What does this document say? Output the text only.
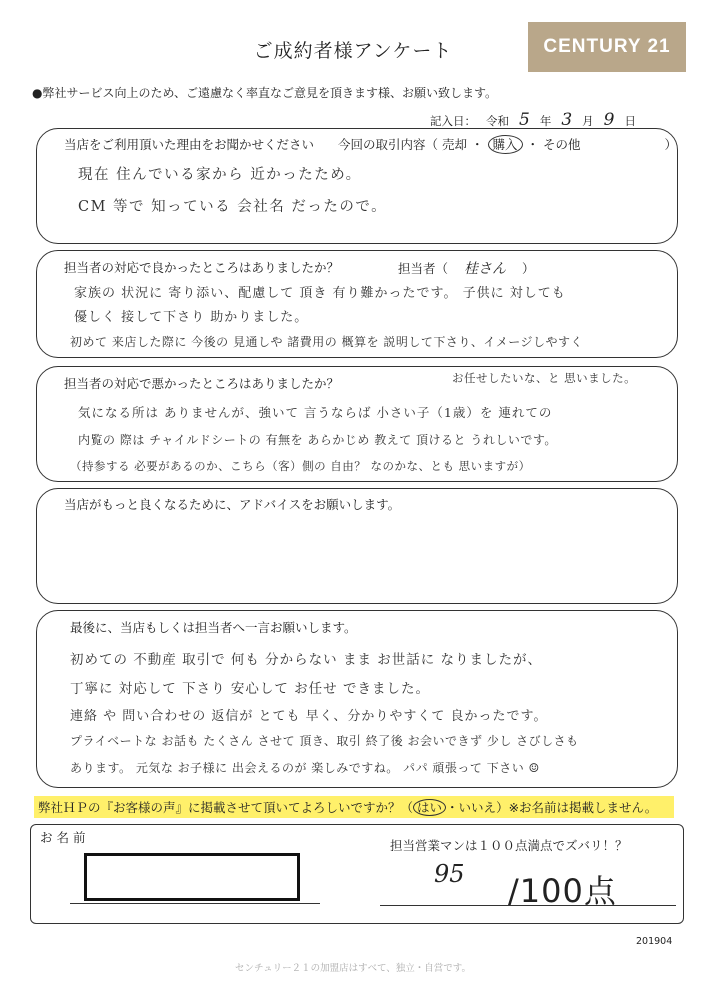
ご成約者様アンケート	CENTURY 21
●弊社サービス向上のため、ご遠慮なく率直なご意見を頂きます様、お願い致します。
記入日： 令和 5 年 3 月 9 日
当店をご利用頂いた理由をお聞かせください 今回の取引内容（ 売却 ・ 購入 ・ その他	）
現在 住んでいる家から 近かったため。
CM 等で 知っている 会社名 だったので。
担当者の対応で良かったところはありましたか？	担当者（ 桂さん ）
家族の 状況に 寄り添い、配慮して 頂き 有り難かったです。 子供に 対しても
優しく 接して下さり 助かりました。
初めて 来店した際に 今後の 見通しや 諸費用の 概算を 説明して下さり、イメージしやすく
お任せしたいな、と 思いました。
担当者の対応で悪かったところはありましたか？
気になる所は ありませんが、強いて 言うならば 小さい子（1歳）を 連れての
内覧の 際は チャイルドシートの 有無を あらかじめ 教えて 頂けると うれしいです。
（持参する 必要があるのか、こちら（客）側の 自由？ なのかな、とも 思いますが）
当店がもっと良くなるために、アドバイスをお願いします。
最後に、当店もしくは担当者へ一言お願いします。
初めての 不動産 取引で 何も 分からない まま お世話に なりましたが、
丁寧に 対応して 下さり 安心して お任せ できました。
連絡 や 問い合わせの 返信が とても 早く、分かりやすくて 良かったです。
プライベートな お話も たくさん させて 頂き、取引 終了後 お会いできず 少し さびしさも
あります。 元気な お子様に 出会えるのが 楽しみですね。 パパ 頑張って 下さい ☺
弊社ＨＰの『お客様の声』に掲載させて頂いてよろしいですか？（ はい ・いいえ）※お名前は掲載しません。
お 名 前
担当営業マンは１００点満点でズバリ！？
95 /100点
201904
センチュリー２１の加盟店はすべて、独立・自営です。
